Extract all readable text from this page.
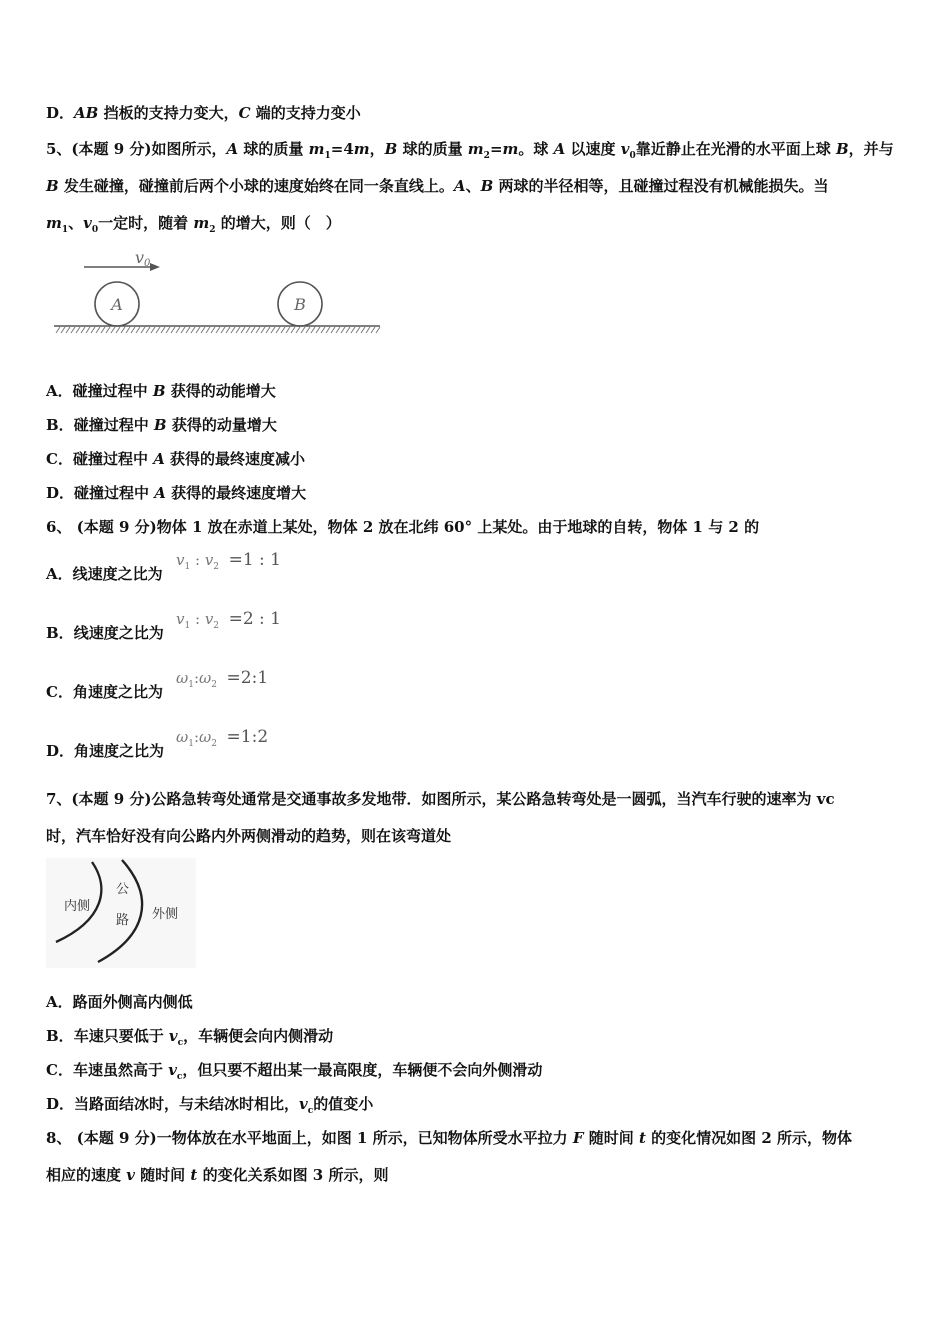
D．AB 挡板的支持力变大，C 端的支持力变小
5、(本题 9 分)如图所示，A 球的质量 $m_1=4m$，B 球的质量 $m_2=m$。球 A 以速度 $v_0$靠近静止在光滑的水平面上球 B，并与
B 发生碰撞，碰撞前后两个小球的速度始终在同一条直线上。A、B 两球的半径相等，且碰撞过程没有机械能损失。当
$m_1$、$v_0$一定时，随着 $m_2$ 的增大，则（　）
v0
A	B
A．碰撞过程中 B 获得的动能增大
B．碰撞过程中 B 获得的动量增大
C．碰撞过程中 A 获得的最终速度减小
D．碰撞过程中 A 获得的最终速度增大
6、 (本题 9 分)物体 1 放在赤道上某处，物体 2 放在北纬 60° 上某处。由于地球的自转，物体 1 与 2 的
A．线速度之比为
$v_1$ : $v_2 =1$ : 1
B．线速度之比为
$v_1$ : $v_2 =2$ : 1
C．角速度之比为
$\omega_1:\omega_2$ =2:1
D．角速度之比为
$\omega_1:\omega_2$ =1:2
7、(本题 9 分)公路急转弯处通常是交通事故多发地带．如图所示，某公路急转弯处是一圆弧，当汽车行驶的速率为 vc
时，汽车恰好没有向公路内外两侧滑动的趋势，则在该弯道处
内侧
公
路 外侧
A．路面外侧高内侧低
B．车速只要低于 $v_c$，车辆便会向内侧滑动
C．车速虽然高于 $v_c$，但只要不超出某一最高限度，车辆便不会向外侧滑动
D．当路面结冰时，与未结冰时相比，$v_c$的值变小
8、 (本题 9 分)一物体放在水平地面上，如图 1 所示，已知物体所受水平拉力 F 随时间 t 的变化情况如图 2 所示，物体
相应的速度 v 随时间 t 的变化关系如图 3 所示，则
